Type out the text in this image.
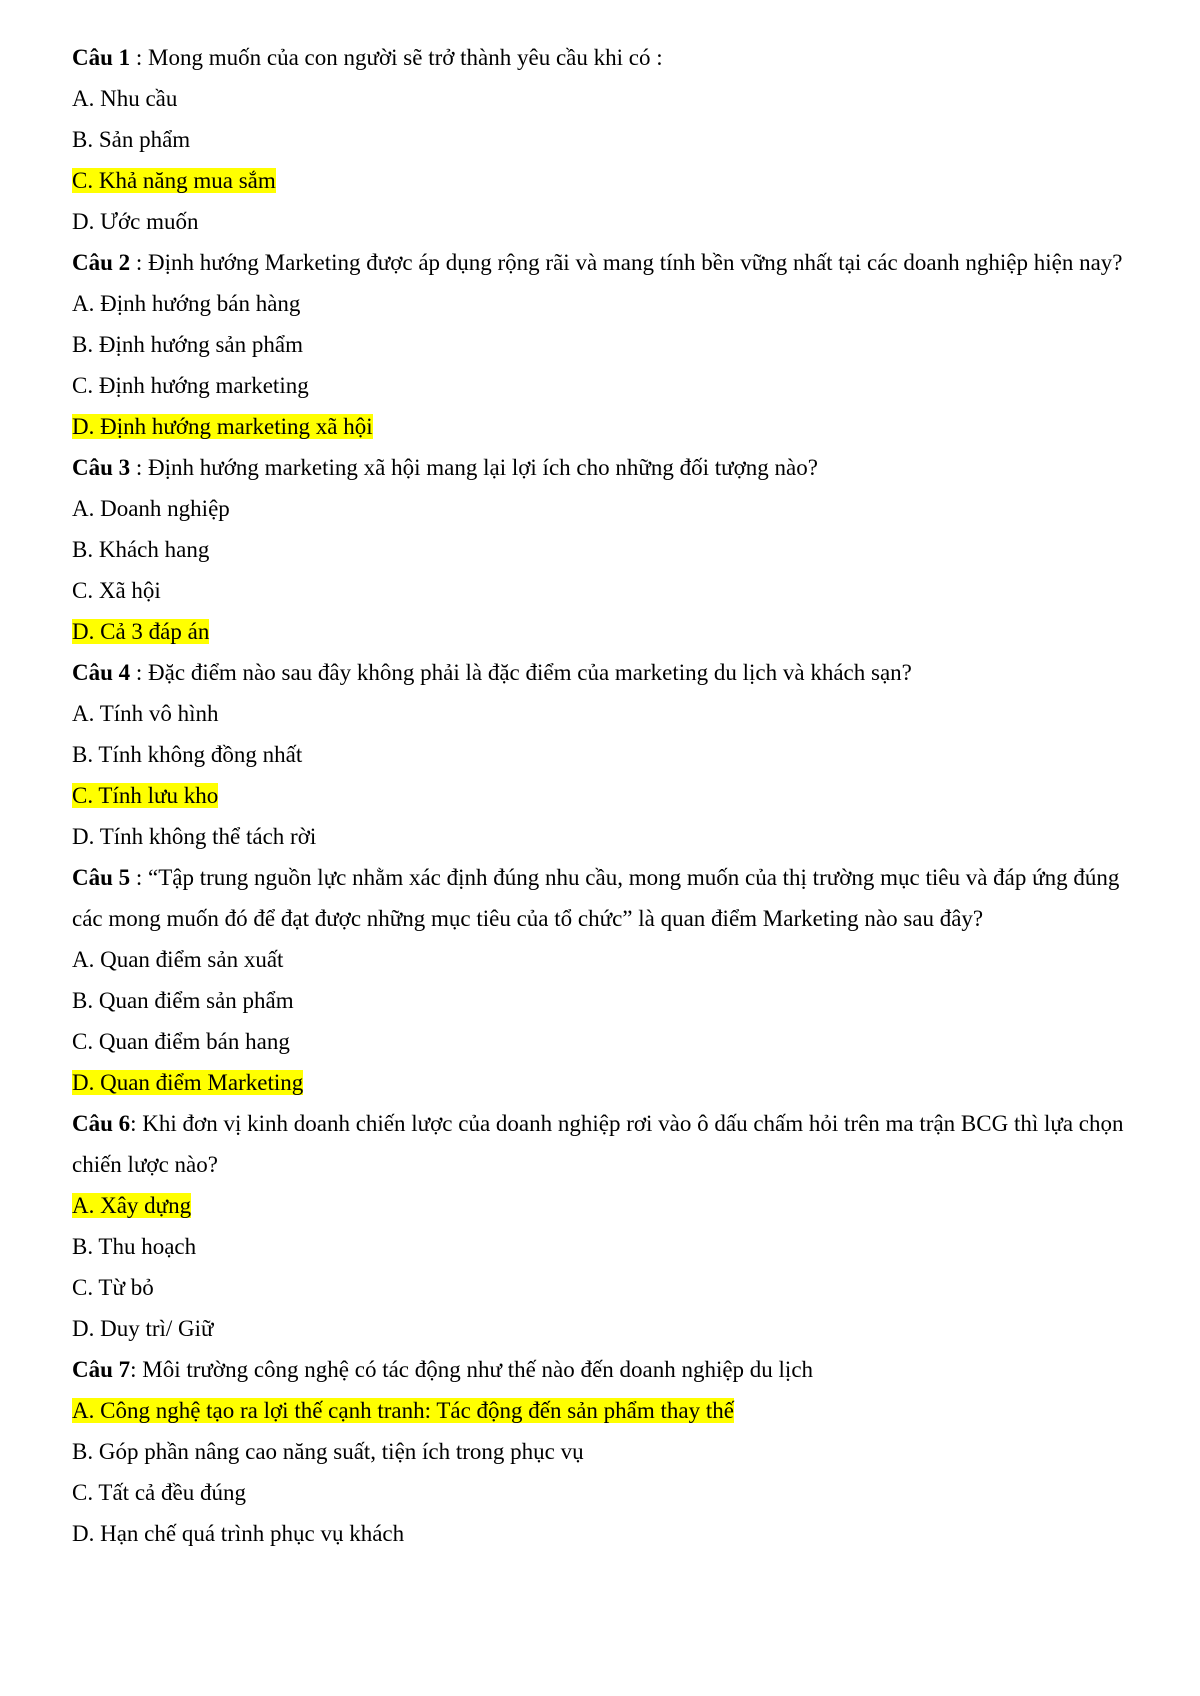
Câu 1 : Mong muốn của con người sẽ trở thành yêu cầu khi có :
A. Nhu cầu
B. Sản phẩm
C. Khả năng mua sắm
D. Ước muốn
Câu 2 : Định hướng Marketing được áp dụng rộng rãi và mang tính bền vững nhất tại các doanh nghiệp hiện nay?
A. Định hướng bán hàng
B. Định hướng sản phẩm
C. Định hướng marketing
D. Định hướng marketing xã hội
Câu 3 : Định hướng marketing xã hội mang lại lợi ích cho những đối tượng nào?
A. Doanh nghiệp
B. Khách hang
C. Xã hội
D. Cả 3 đáp án
Câu 4 : Đặc điểm nào sau đây không phải là đặc điểm của marketing du lịch và khách sạn?
A. Tính vô hình
B. Tính không đồng nhất
C. Tính lưu kho
D. Tính không thể tách rời
Câu 5 : “Tập trung nguồn lực nhằm xác định đúng nhu cầu, mong muốn của thị trường mục tiêu và đáp ứng đúng các mong muốn đó để đạt được những mục tiêu của tổ chức” là quan điểm Marketing nào sau đây?
A. Quan điểm sản xuất
B. Quan điểm sản phẩm
C. Quan điểm bán hang
D. Quan điểm Marketing
Câu 6: Khi đơn vị kinh doanh chiến lược của doanh nghiệp rơi vào ô dấu chấm hỏi trên ma trận BCG thì lựa chọn chiến lược nào?
A. Xây dựng
B. Thu hoạch
C. Từ bỏ
D. Duy trì/ Giữ
Câu 7: Môi trường công nghệ có tác động như thế nào đến doanh nghiệp du lịch
A. Công nghệ tạo ra lợi thế cạnh tranh: Tác động đến sản phẩm thay thế
B. Góp phần nâng cao năng suất, tiện ích trong phục vụ
C. Tất cả đều đúng
D. Hạn chế quá trình phục vụ khách
